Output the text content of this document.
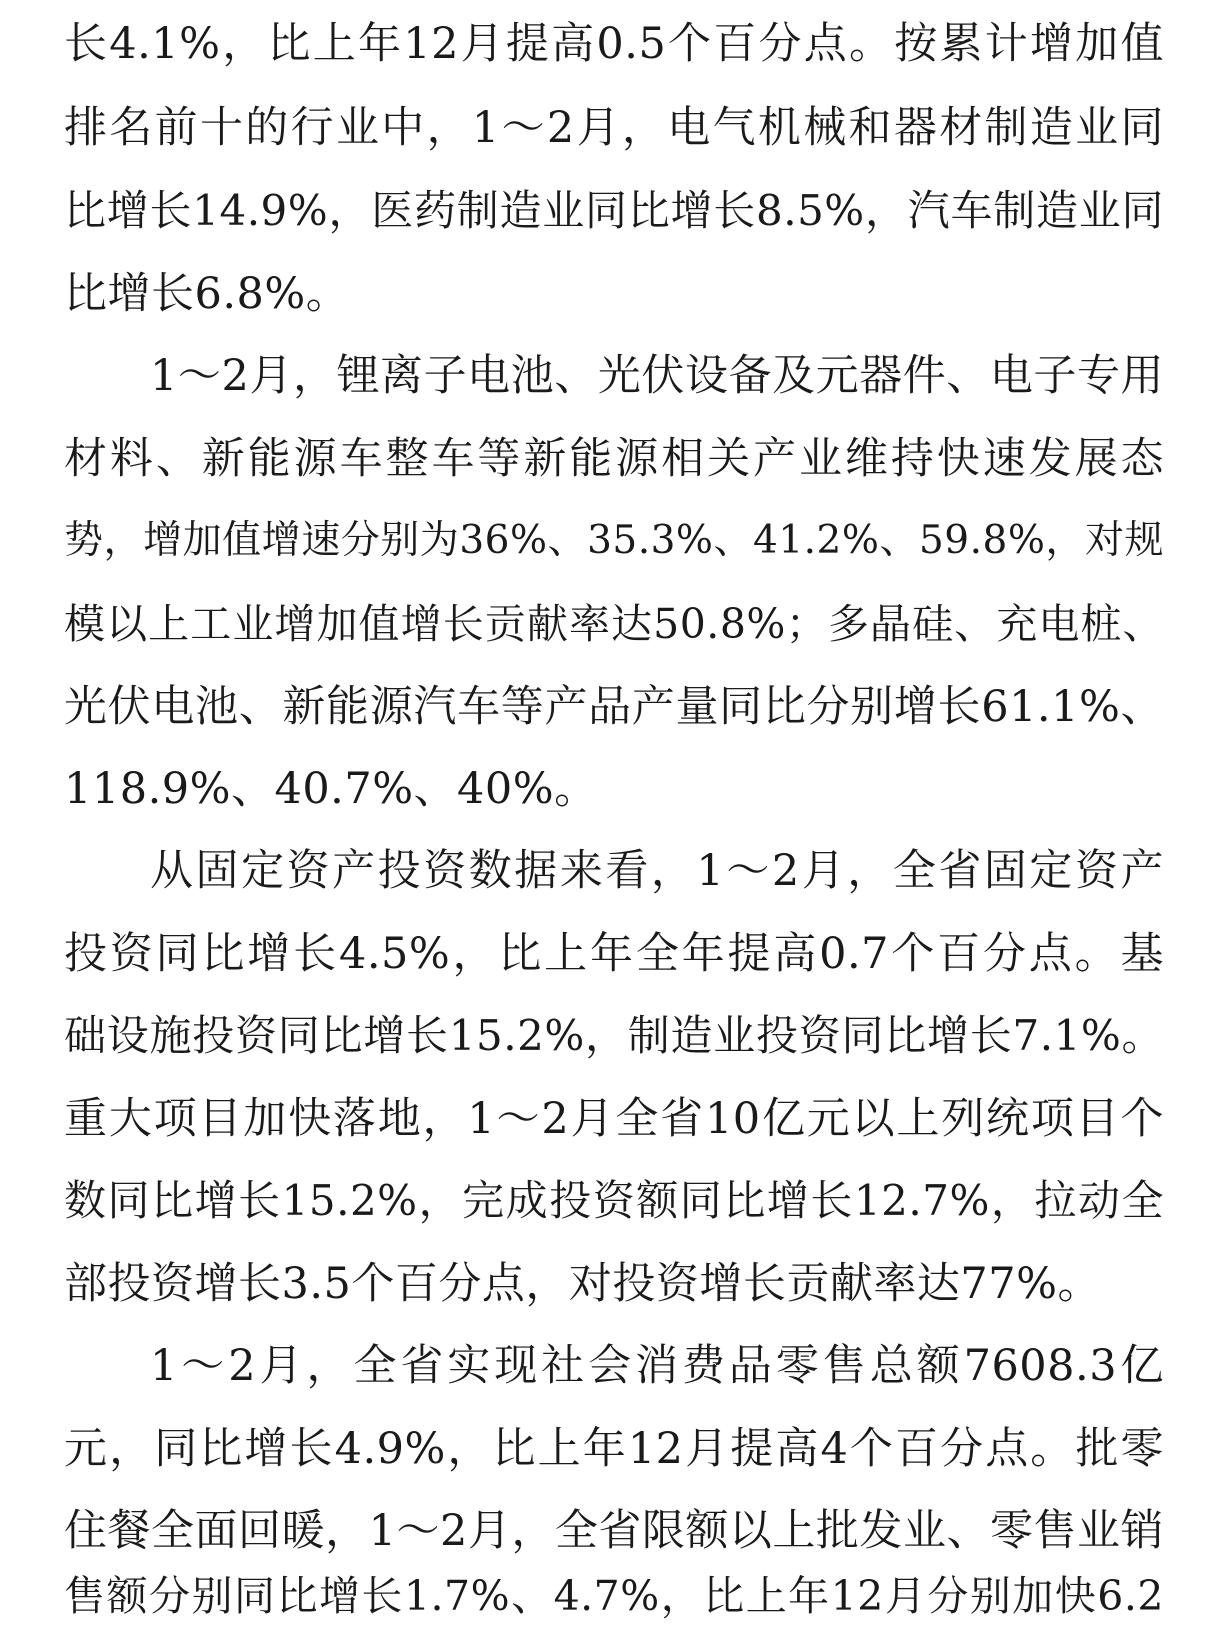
长4.1%，比上年12月提高0.5个百分点。按累计增加值
排名前十的行业中，1～2月，电气机械和器材制造业同
比增长14.9%，医药制造业同比增长8.5%，汽车制造业同
比增长6.8%。
1～2月，锂离子电池、光伏设备及元器件、电子专用
材料、新能源车整车等新能源相关产业维持快速发展态
势，增加值增速分别为36%、35.3%、41.2%、59.8%，对规
模以上工业增加值增长贡献率达50.8%；多晶硅、充电桩、
光伏电池、新能源汽车等产品产量同比分别增长61.1%、
118.9%、40.7%、40%。
从固定资产投资数据来看，1～2月，全省固定资产
投资同比增长4.5%，比上年全年提高0.7个百分点。基
础设施投资同比增长15.2%，制造业投资同比增长7.1%。
重大项目加快落地，1～2月全省10亿元以上列统项目个
数同比增长15.2%，完成投资额同比增长12.7%，拉动全
部投资增长3.5个百分点，对投资增长贡献率达77%。
1～2月，全省实现社会消费品零售总额7608.3亿
元，同比增长4.9%，比上年12月提高4个百分点。批零
住餐全面回暖，1～2月，全省限额以上批发业、零售业销
售额分别同比增长1.7%、4.7%，比上年12月分别加快6.2
